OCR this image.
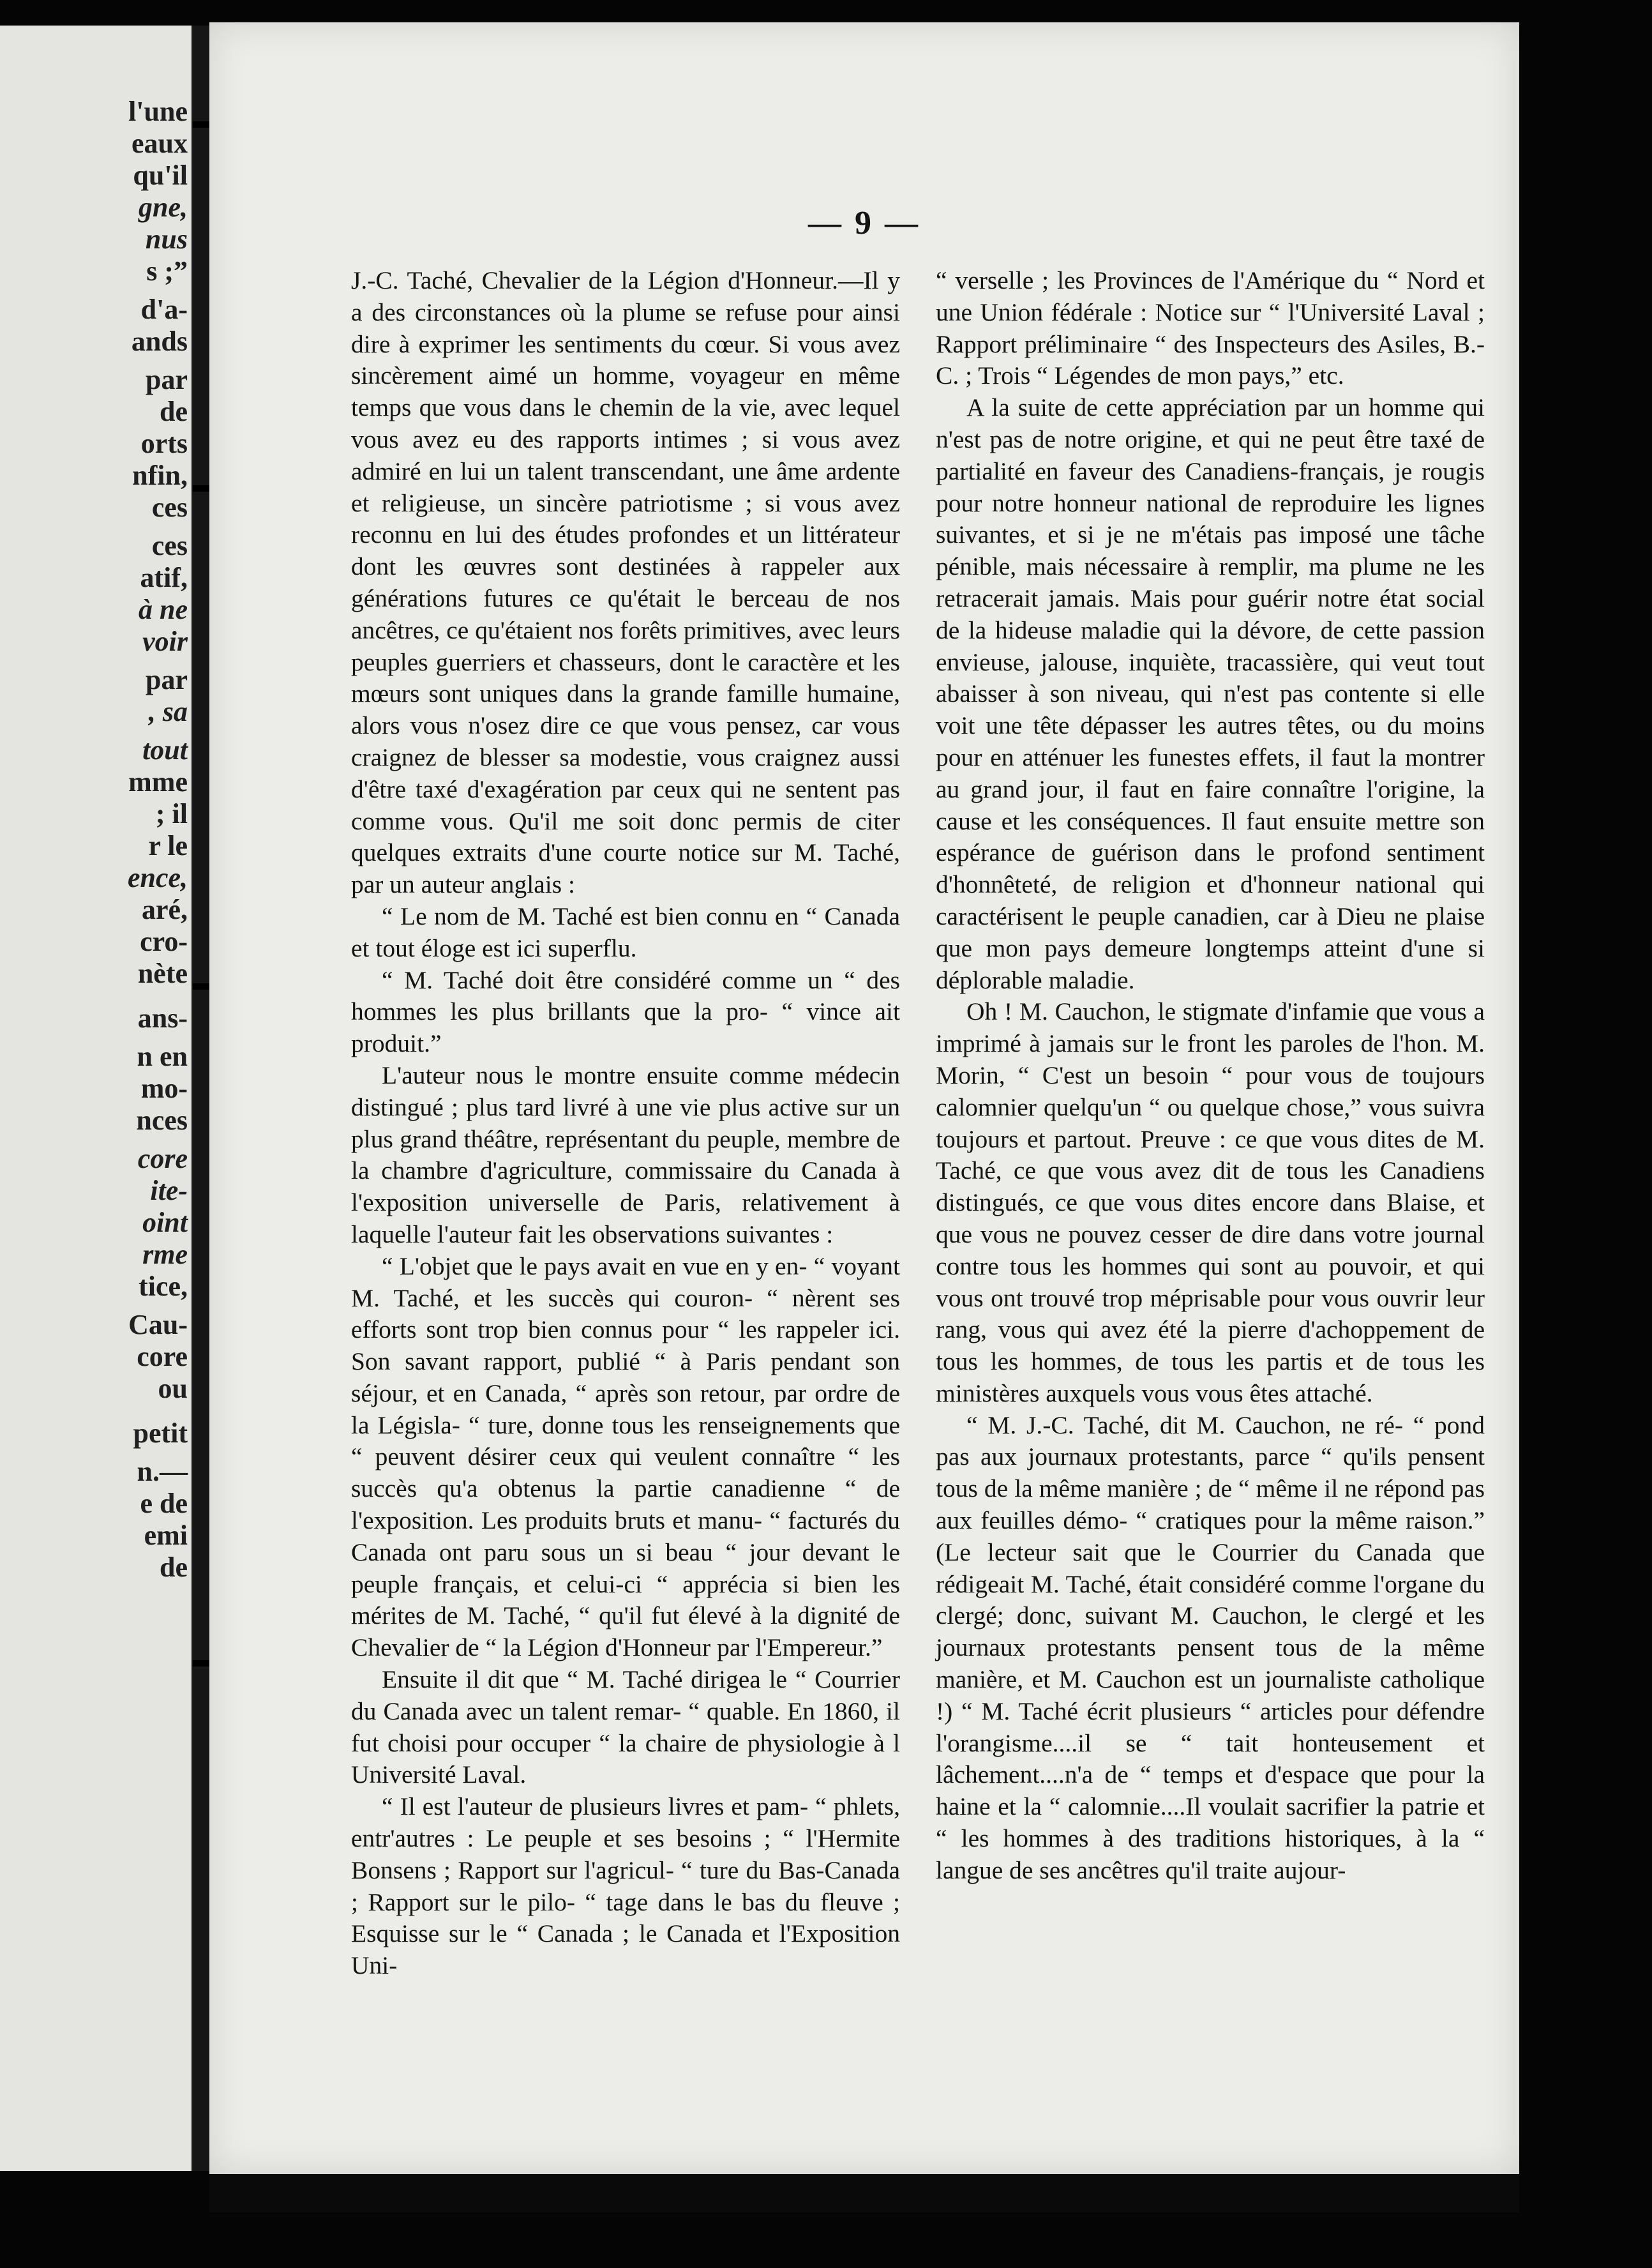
l'une
eaux
qu'il
gne,
nus
s ;”
d'a-
ands
par
de
orts
nfin,
ces
ces
atif,
à ne
voir
par
, sa
tout
mme
; il
r le
ence,
aré,
cro-
nète
ans-
n en
mo-
nces
core
ite-
oint
rme
tice,
Cau-
core
ou
petit
n.—
e de
emi
de
— 9 —

J.-C. Taché, Chevalier de la Légion d'Honneur.—Il y a des circonstances où la plume se refuse pour ainsi dire à exprimer les sentiments du cœur. Si vous avez sincèrement aimé un homme, voyageur en même temps que vous dans le chemin de la vie, avec lequel vous avez eu des rapports intimes ; si vous avez admiré en lui un talent transcendant, une âme ardente et religieuse, un sincère patriotisme ; si vous avez reconnu en lui des études profondes et un littérateur dont les œuvres sont destinées à rappeler aux générations futures ce qu'était le berceau de nos ancêtres, ce qu'étaient nos forêts primitives, avec leurs peuples guerriers et chasseurs, dont le caractère et les mœurs sont uniques dans la grande famille humaine, alors vous n'osez dire ce que vous pensez, car vous craignez de blesser sa modestie, vous craignez aussi d'être taxé d'exagération par ceux qui ne sentent pas comme vous. Qu'il me soit donc permis de citer quelques extraits d'une courte notice sur M. Taché, par un auteur anglais :

“ Le nom de M. Taché est bien connu en “ Canada et tout éloge est ici superflu.

“ M. Taché doit être considéré comme un “ des hommes les plus brillants que la pro- “ vince ait produit.”

L'auteur nous le montre ensuite comme médecin distingué ; plus tard livré à une vie plus active sur un plus grand théâtre, représentant du peuple, membre de la chambre d'agriculture, commissaire du Canada à l'exposition universelle de Paris, relativement à laquelle l'auteur fait les observations suivantes :

“ L'objet que le pays avait en vue en y en- “ voyant M. Taché, et les succès qui couron- “ nèrent ses efforts sont trop bien connus pour “ les rappeler ici. Son savant rapport, publié “ à Paris pendant son séjour, et en Canada, “ après son retour, par ordre de la Législa- “ ture, donne tous les renseignements que “ peuvent désirer ceux qui veulent connaître “ les succès qu'a obtenus la partie canadienne “ de l'exposition. Les produits bruts et manu- “ facturés du Canada ont paru sous un si beau “ jour devant le peuple français, et celui-ci “ apprécia si bien les mérites de M. Taché, “ qu'il fut élevé à la dignité de Chevalier de “ la Légion d'Honneur par l'Empereur.”

Ensuite il dit que “ M. Taché dirigea le “ Courrier du Canada avec un talent remar- “ quable. En 1860, il fut choisi pour occuper “ la chaire de physiologie à l Université Laval.

“ Il est l'auteur de plusieurs livres et pam- “ phlets, entr'autres : Le peuple et ses besoins ; “ l'Hermite Bonsens ; Rapport sur l'agricul- “ ture du Bas-Canada ; Rapport sur le pilo- “ tage dans le bas du fleuve ; Esquisse sur le “ Canada ; le Canada et l'Exposition Uni-

“ verselle ; les Provinces de l'Amérique du “ Nord et une Union fédérale : Notice sur “ l'Université Laval ; Rapport préliminaire “ des Inspecteurs des Asiles, B.-C. ; Trois “ Légendes de mon pays,” etc.

A la suite de cette appréciation par un homme qui n'est pas de notre origine, et qui ne peut être taxé de partialité en faveur des Canadiens-français, je rougis pour notre honneur national de reproduire les lignes suivantes, et si je ne m'étais pas imposé une tâche pénible, mais nécessaire à remplir, ma plume ne les retracerait jamais. Mais pour guérir notre état social de la hideuse maladie qui la dévore, de cette passion envieuse, jalouse, inquiète, tracassière, qui veut tout abaisser à son niveau, qui n'est pas contente si elle voit une tête dépasser les autres têtes, ou du moins pour en atténuer les funestes effets, il faut la montrer au grand jour, il faut en faire connaître l'origine, la cause et les conséquences. Il faut ensuite mettre son espérance de guérison dans le profond sentiment d'honnêteté, de religion et d'honneur national qui caractérisent le peuple canadien, car à Dieu ne plaise que mon pays demeure longtemps atteint d'une si déplorable maladie.

Oh ! M. Cauchon, le stigmate d'infamie que vous a imprimé à jamais sur le front les paroles de l'hon. M. Morin, “ C'est un besoin “ pour vous de toujours calomnier quelqu'un “ ou quelque chose,” vous suivra toujours et partout. Preuve : ce que vous dites de M. Taché, ce que vous avez dit de tous les Canadiens distingués, ce que vous dites encore dans Blaise, et que vous ne pouvez cesser de dire dans votre journal contre tous les hommes qui sont au pouvoir, et qui vous ont trouvé trop méprisable pour vous ouvrir leur rang, vous qui avez été la pierre d'achoppement de tous les hommes, de tous les partis et de tous les ministères auxquels vous vous êtes attaché.

“ M. J.-C. Taché, dit M. Cauchon, ne ré- “ pond pas aux journaux protestants, parce “ qu'ils pensent tous de la même manière ; de “ même il ne répond pas aux feuilles démo- “ cratiques pour la même raison.” (Le lecteur sait que le Courrier du Canada que rédigeait M. Taché, était considéré comme l'organe du clergé; donc, suivant M. Cauchon, le clergé et les journaux protestants pensent tous de la même manière, et M. Cauchon est un journaliste catholique !) “ M. Taché écrit plusieurs “ articles pour défendre l'orangisme....il se “ tait honteusement et lâchement....n'a de “ temps et d'espace que pour la haine et la “ calomnie....Il voulait sacrifier la patrie et “ les hommes à des traditions historiques, à la “ langue de ses ancêtres qu'il traite aujour-
